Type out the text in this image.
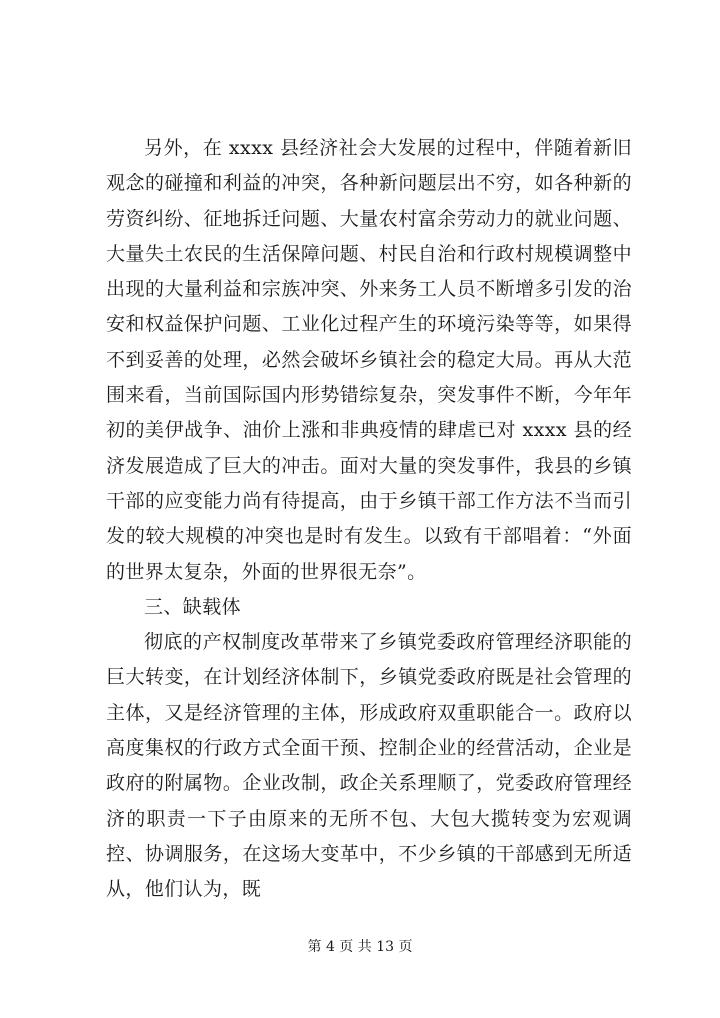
另外，在 xxxx 县经济社会大发展的过程中，伴随着新旧观念的碰撞和利益的冲突，各种新问题层出不穷，如各种新的劳资纠纷、征地拆迁问题、大量农村富余劳动力的就业问题、大量失土农民的生活保障问题、村民自治和行政村规模调整中出现的大量利益和宗族冲突、外来务工人员不断增多引发的治安和权益保护问题、工业化过程产生的环境污染等等，如果得不到妥善的处理，必然会破坏乡镇社会的稳定大局。再从大范围来看，当前国际国内形势错综复杂，突发事件不断，今年年初的美伊战争、油价上涨和非典疫情的肆虐已对 xxxx 县的经济发展造成了巨大的冲击。面对大量的突发事件，我县的乡镇干部的应变能力尚有待提高，由于乡镇干部工作方法不当而引发的较大规模的冲突也是时有发生。以致有干部唱着：“外面的世界太复杂，外面的世界很无奈”。

三、缺载体

彻底的产权制度改革带来了乡镇党委政府管理经济职能的巨大转变，在计划经济体制下，乡镇党委政府既是社会管理的主体，又是经济管理的主体，形成政府双重职能合一。政府以高度集权的行政方式全面干预、控制企业的经营活动，企业是政府的附属物。企业改制，政企关系理顺了，党委政府管理经济的职责一下子由原来的无所不包、大包大揽转变为宏观调控、协调服务，在这场大变革中，不少乡镇的干部感到无所适从，他们认为，既

第 4 页 共 13 页
